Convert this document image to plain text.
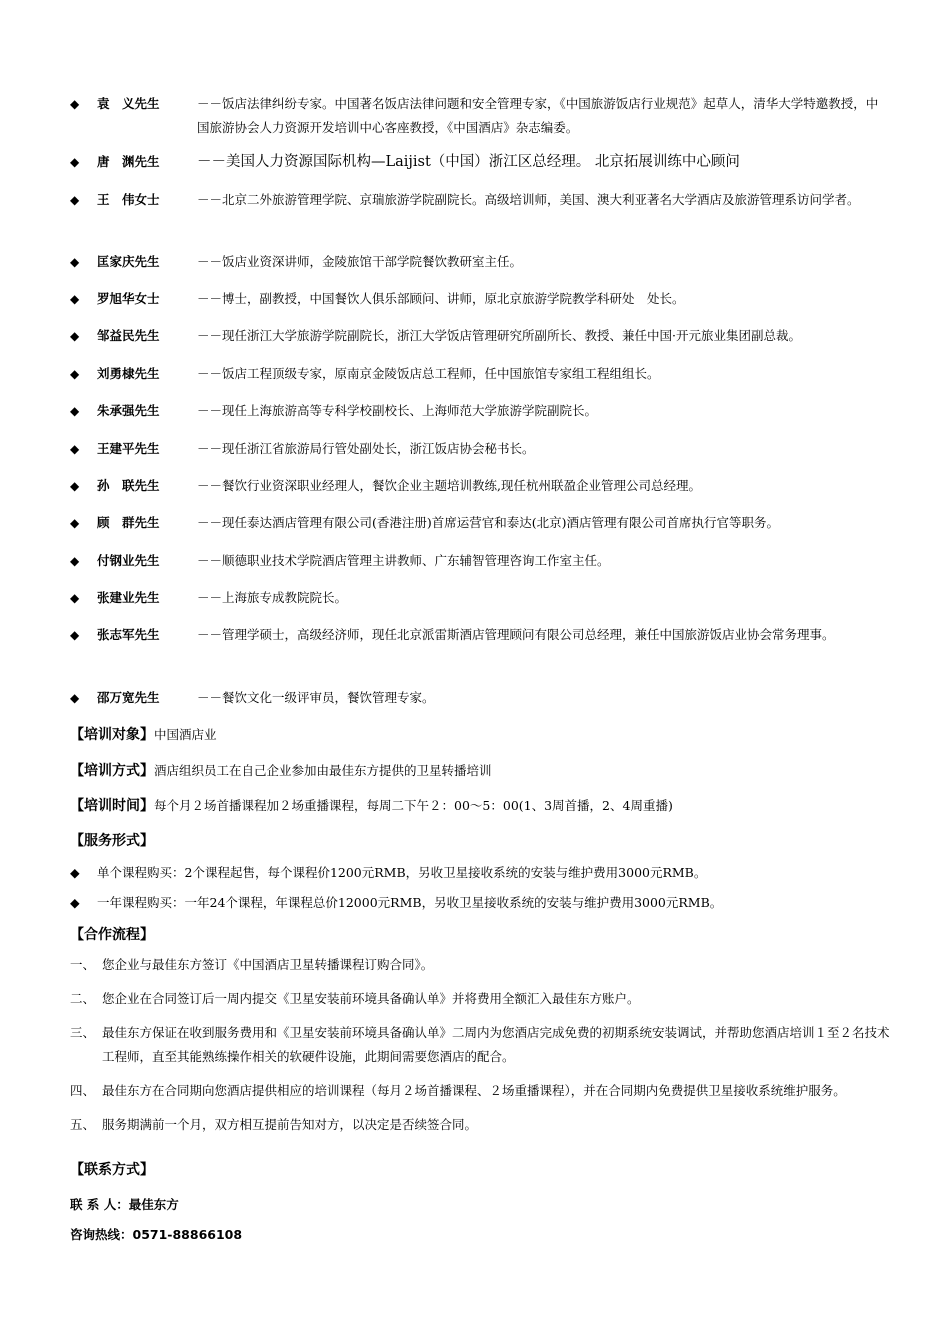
◆ 袁　义先生	－－饭店法律纠纷专家。中国著名饭店法律问题和安全管理专家，《中国旅游饭店行业规范》起草人，清华大学特邀教授，中国旅游协会人力资源开发培训中心客座教授，《中国酒店》杂志编委。
◆ 唐　渊先生	－－美国人力资源国际机构—Laijist（中国）浙江区总经理。 北京拓展训练中心顾问
◆ 王　伟女士	－－北京二外旅游管理学院、京瑞旅游学院副院长。高级培训师，美国、澳大利亚著名大学酒店及旅游管理系访问学者。
◆ 匡家庆先生	－－饭店业资深讲师，金陵旅馆干部学院餐饮教研室主任。
◆ 罗旭华女士	－－博士，副教授，中国餐饮人俱乐部顾问、讲师，原北京旅游学院教学科研处　处长。
◆ 邹益民先生	－－现任浙江大学旅游学院副院长，浙江大学饭店管理研究所副所长、教授、兼任中国·开元旅业集团副总裁。
◆ 刘勇棣先生	－－饭店工程顶级专家，原南京金陵饭店总工程师，任中国旅馆专家组工程组组长。
◆ 朱承强先生	－－现任上海旅游高等专科学校副校长、上海师范大学旅游学院副院长。
◆ 王建平先生	－－现任浙江省旅游局行管处副处长，浙江饭店协会秘书长。
◆ 孙　联先生	－－餐饮行业资深职业经理人，餐饮企业主题培训教练,现任杭州联盈企业管理公司总经理。
◆ 顾　群先生	－－现任泰达酒店管理有限公司(香港注册)首席运营官和泰达(北京)酒店管理有限公司首席执行官等职务。
◆ 付钢业先生	－－顺德职业技术学院酒店管理主讲教师、广东辅智管理咨询工作室主任。
◆ 张建业先生	－－上海旅专成教院院长。
◆ 张志军先生	－－管理学硕士，高级经济师，现任北京派雷斯酒店管理顾问有限公司总经理，兼任中国旅游饭店业协会常务理事。
◆ 邵万宽先生	－－餐饮文化一级评审员，餐饮管理专家。
【培训对象】中国酒店业
【培训方式】酒店组织员工在自己企业参加由最佳东方提供的卫星转播培训
【培训时间】每个月２场首播课程加２场重播课程，每周二下午２：00～5：00(1、3周首播，2、4周重播)
【服务形式】
◆ 单个课程购买：2个课程起售，每个课程价1200元RMB，另收卫星接收系统的安装与维护费用3000元RMB。
◆ 一年课程购买：一年24个课程，年课程总价12000元RMB，另收卫星接收系统的安装与维护费用3000元RMB。
【合作流程】
一、 您企业与最佳东方签订《中国酒店卫星转播课程订购合同》。
二、 您企业在合同签订后一周内提交《卫星安装前环境具备确认单》并将费用全额汇入最佳东方账户。
三、 最佳东方保证在收到服务费用和《卫星安装前环境具备确认单》二周内为您酒店完成免费的初期系统安装调试，并帮助您酒店培训１至２名技术工程师，直至其能熟练操作相关的软硬件设施，此期间需要您酒店的配合。
四、 最佳东方在合同期向您酒店提供相应的培训课程（每月２场首播课程、２场重播课程），并在合同期内免费提供卫星接收系统维护服务。
五、 服务期满前一个月，双方相互提前告知对方，以决定是否续签合同。
【联系方式】
联 系 人：最佳东方
咨询热线：0571-88866108
